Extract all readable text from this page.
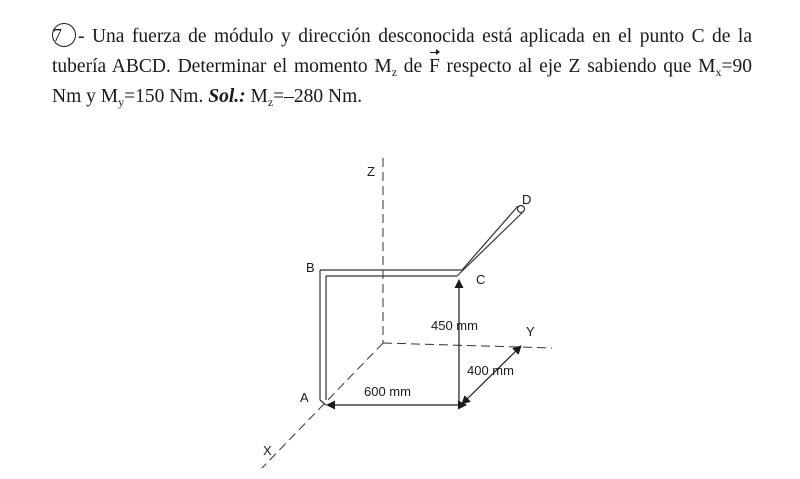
7 - Una fuerza de módulo y dirección desconocida está aplicada en el punto C de la tubería ABCD. Determinar el momento $M_z$ de F respecto al eje Z sabiendo que $M_x=90$ Nm y $M_y=150$ Nm. Sol.: $M_z=-280$ Nm.
Z
Y
X
A
B
C
D
450 mm
400 mm
600 mm
